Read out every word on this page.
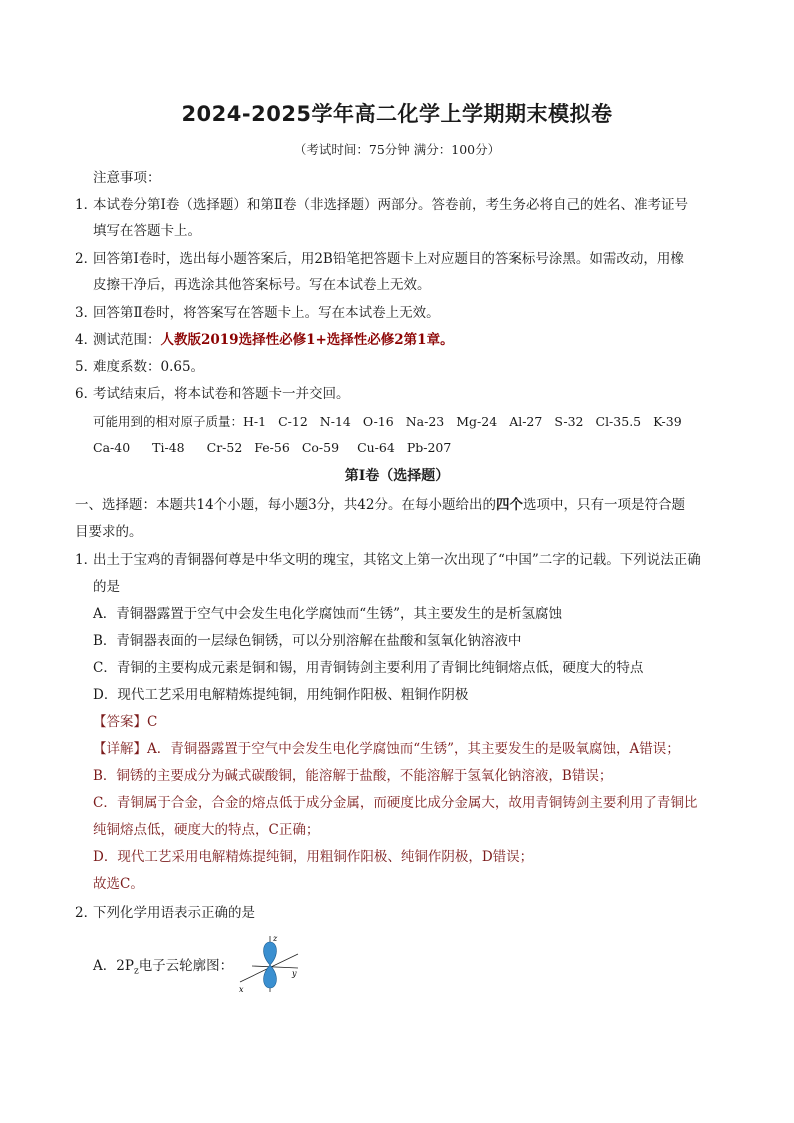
2024-2025学年高二化学上学期期末模拟卷
（考试时间：75分钟 满分：100分）
注意事项：
1．本试卷分第Ⅰ卷（选择题）和第Ⅱ卷（非选择题）两部分。答卷前，考生务必将自己的姓名、准考证号
填写在答题卡上。
2．回答第Ⅰ卷时，选出每小题答案后，用2B铅笔把答题卡上对应题目的答案标号涂黑。如需改动，用橡
皮擦干净后，再选涂其他答案标号。写在本试卷上无效。
3．回答第Ⅱ卷时，将答案写在答题卡上。写在本试卷上无效。
4．测试范围：人教版2019选择性必修1+选择性必修2第1章。
5．难度系数：0.65。
6．考试结束后，将本试卷和答题卡一并交回。
可能用到的相对原子质量：H-1 C-12 N-14 O-16 Na-23 Mg-24 Al-27 S-32 Cl-35.5 K-39
Ca-40 Ti-48 Cr-52 Fe-56 Co-59 Cu-64 Pb-207
第Ⅰ卷（选择题）
一、选择题：本题共14个小题，每小题3分，共42分。在每小题给出的四个选项中，只有一项是符合题
目要求的。
1．出土于宝鸡的青铜器何尊是中华文明的瑰宝，其铭文上第一次出现了“中国”二字的记载。下列说法正确
的是
A．青铜器露置于空气中会发生电化学腐蚀而“生锈”，其主要发生的是析氢腐蚀
B．青铜器表面的一层绿色铜锈，可以分别溶解在盐酸和氢氧化钠溶液中
C．青铜的主要构成元素是铜和锡，用青铜铸剑主要利用了青铜比纯铜熔点低，硬度大的特点
D．现代工艺采用电解精炼提纯铜，用纯铜作阳极、粗铜作阴极
【答案】C
【详解】A．青铜器露置于空气中会发生电化学腐蚀而“生锈”，其主要发生的是吸氧腐蚀，A错误；
B．铜锈的主要成分为碱式碳酸铜，能溶解于盐酸，不能溶解于氢氧化钠溶液，B错误；
C．青铜属于合金，合金的熔点低于成分金属，而硬度比成分金属大，故用青铜铸剑主要利用了青铜比
纯铜熔点低，硬度大的特点，C正确；
D．现代工艺采用电解精炼提纯铜，用粗铜作阳极、纯铜作阴极，D错误；
故选C。
2．下列化学用语表示正确的是
A．$2P_z$电子云轮廓图：
z
x
y
